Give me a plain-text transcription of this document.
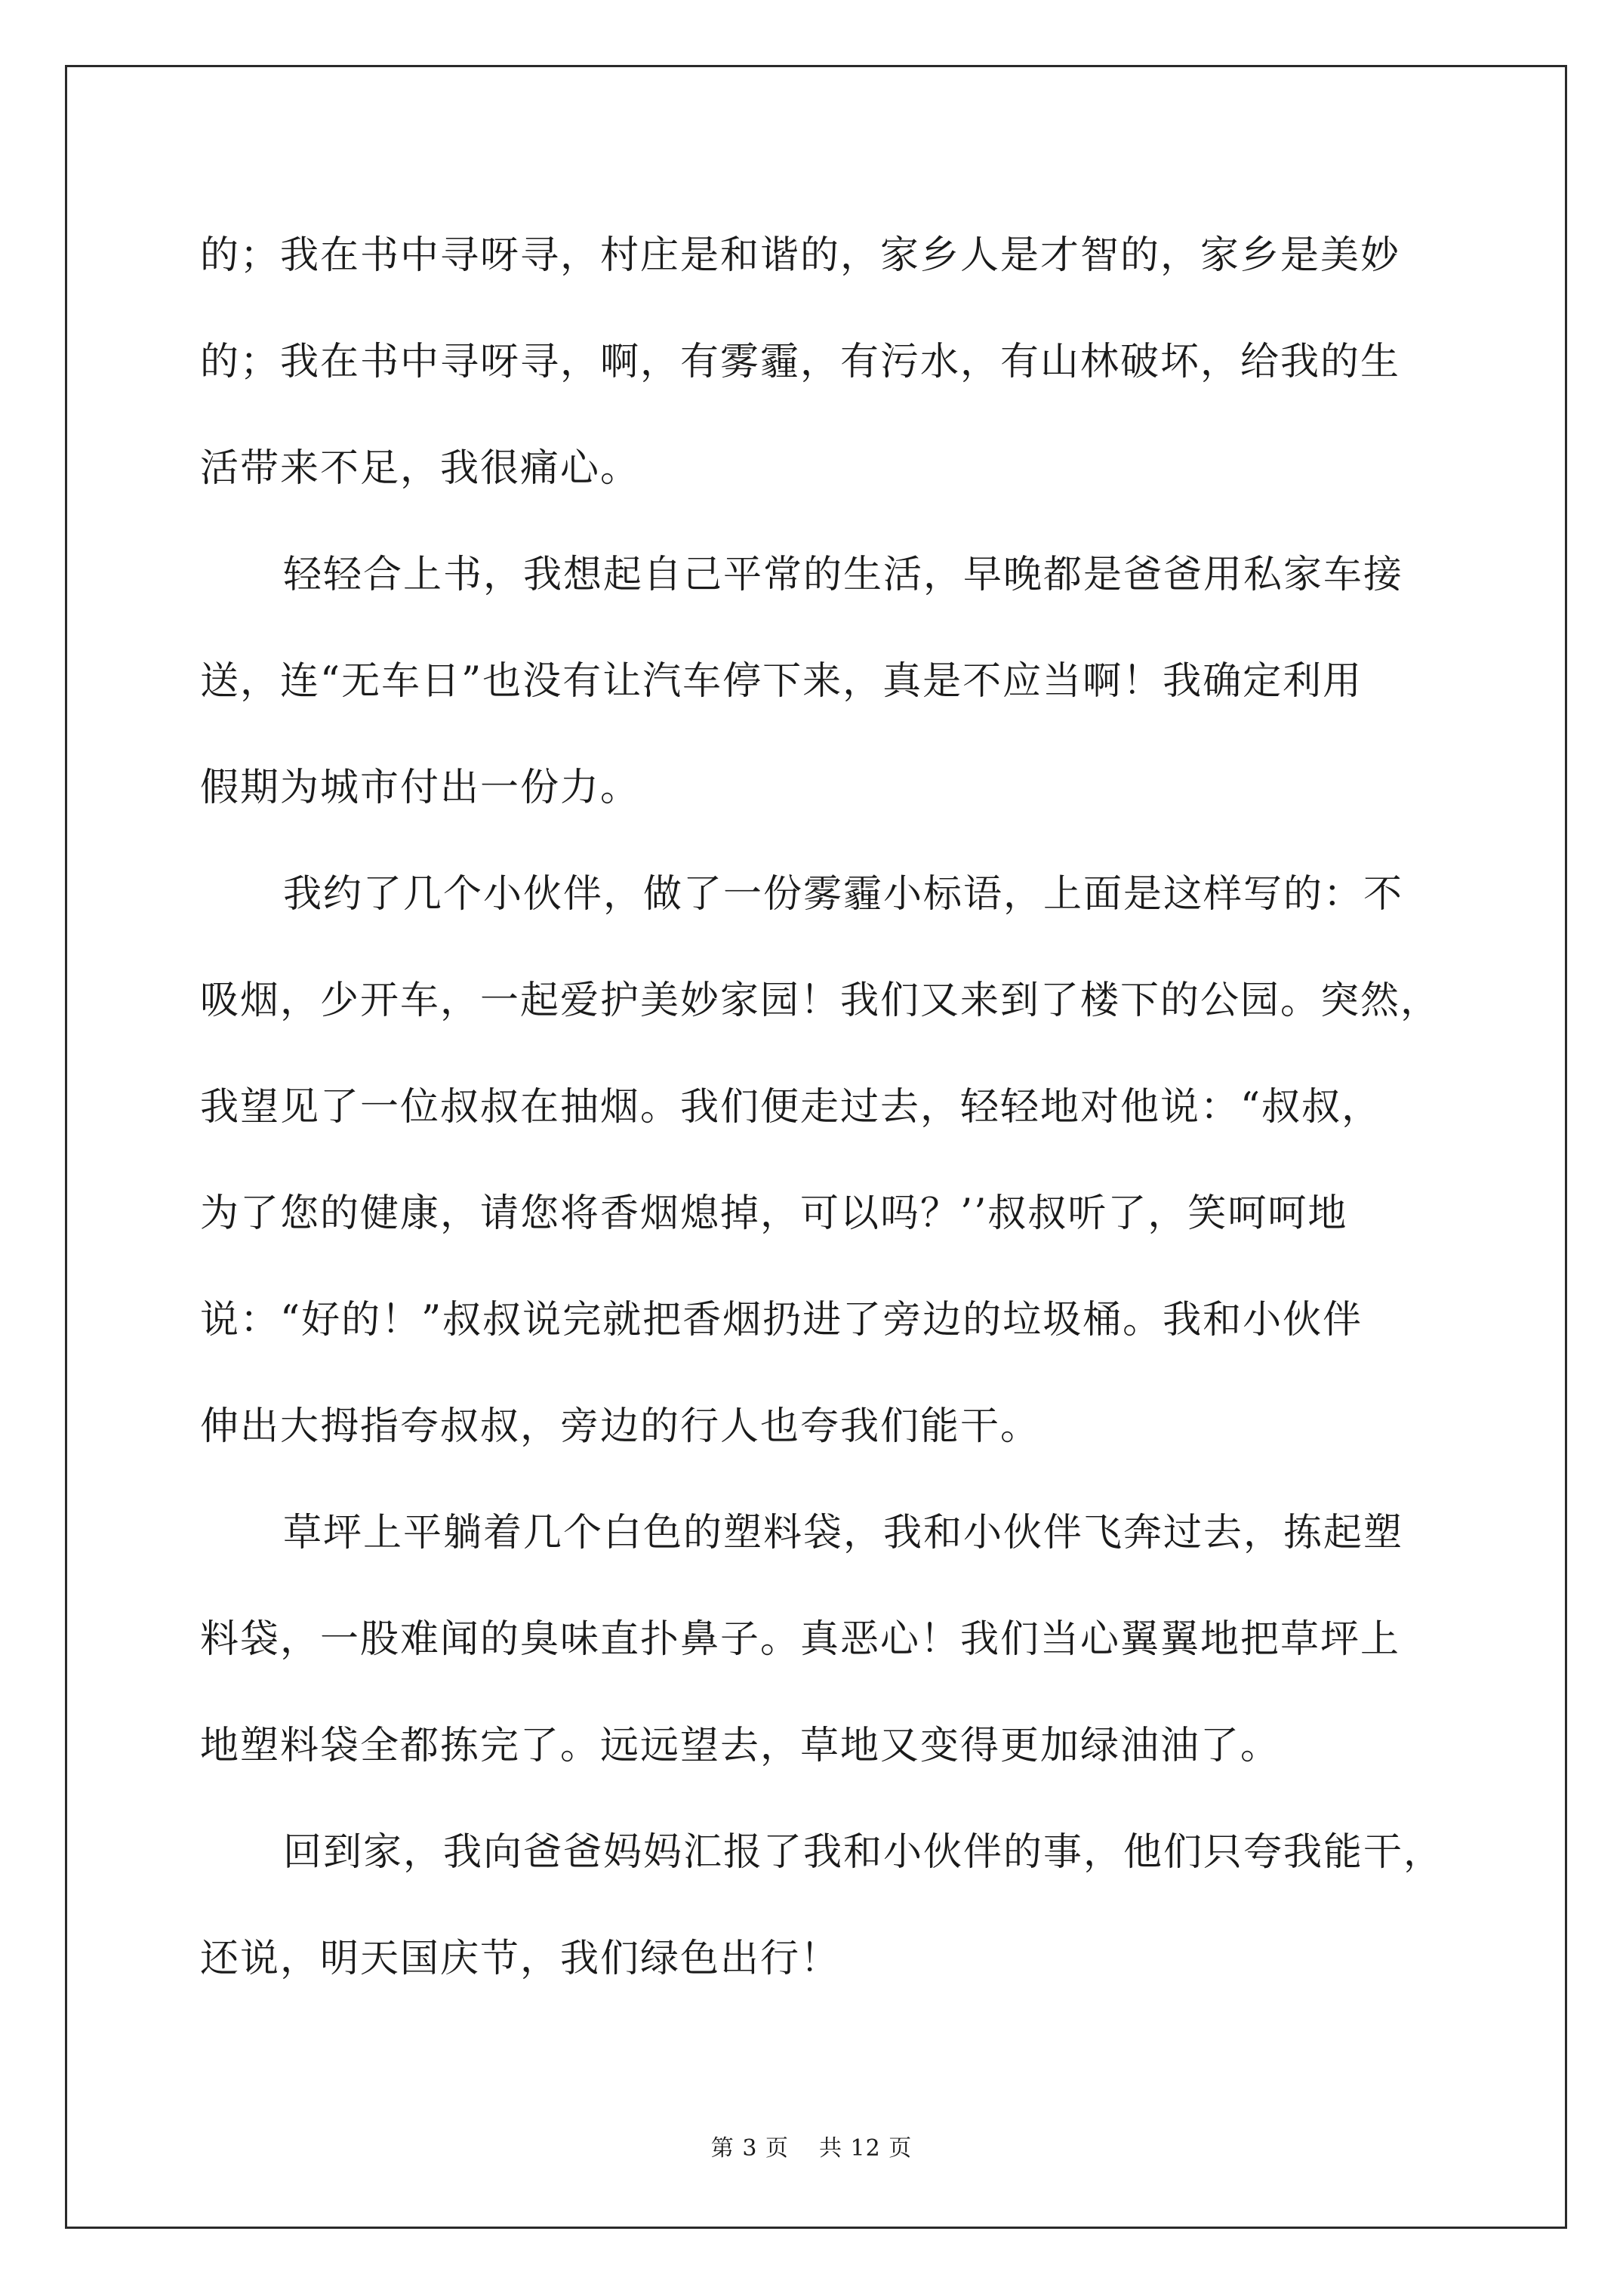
的；我在书中寻呀寻，村庄是和谐的，家乡人是才智的，家乡是美妙
的；我在书中寻呀寻，啊，有雾霾，有污水，有山林破坏，给我的生
活带来不足，我很痛心。

轻轻合上书，我想起自己平常的生活，早晚都是爸爸用私家车接
送，连“无车日”也没有让汽车停下来，真是不应当啊！我确定利用
假期为城市付出一份力。

我约了几个小伙伴，做了一份雾霾小标语，上面是这样写的：不
吸烟，少开车，一起爱护美妙家园！我们又来到了楼下的公园。突然，
我望见了一位叔叔在抽烟。我们便走过去，轻轻地对他说：“叔叔，
为了您的健康，请您将香烟熄掉，可以吗？’’叔叔听了，笑呵呵地
说：“好的！”叔叔说完就把香烟扔进了旁边的垃圾桶。我和小伙伴
伸出大拇指夸叔叔，旁边的行人也夸我们能干。

草坪上平躺着几个白色的塑料袋，我和小伙伴飞奔过去，拣起塑
料袋，一股难闻的臭味直扑鼻子。真恶心！我们当心翼翼地把草坪上
地塑料袋全都拣完了。远远望去，草地又变得更加绿油油了。

回到家，我向爸爸妈妈汇报了我和小伙伴的事，他们只夸我能干，
还说，明天国庆节，我们绿色出行！

第 3 页 共 12 页
